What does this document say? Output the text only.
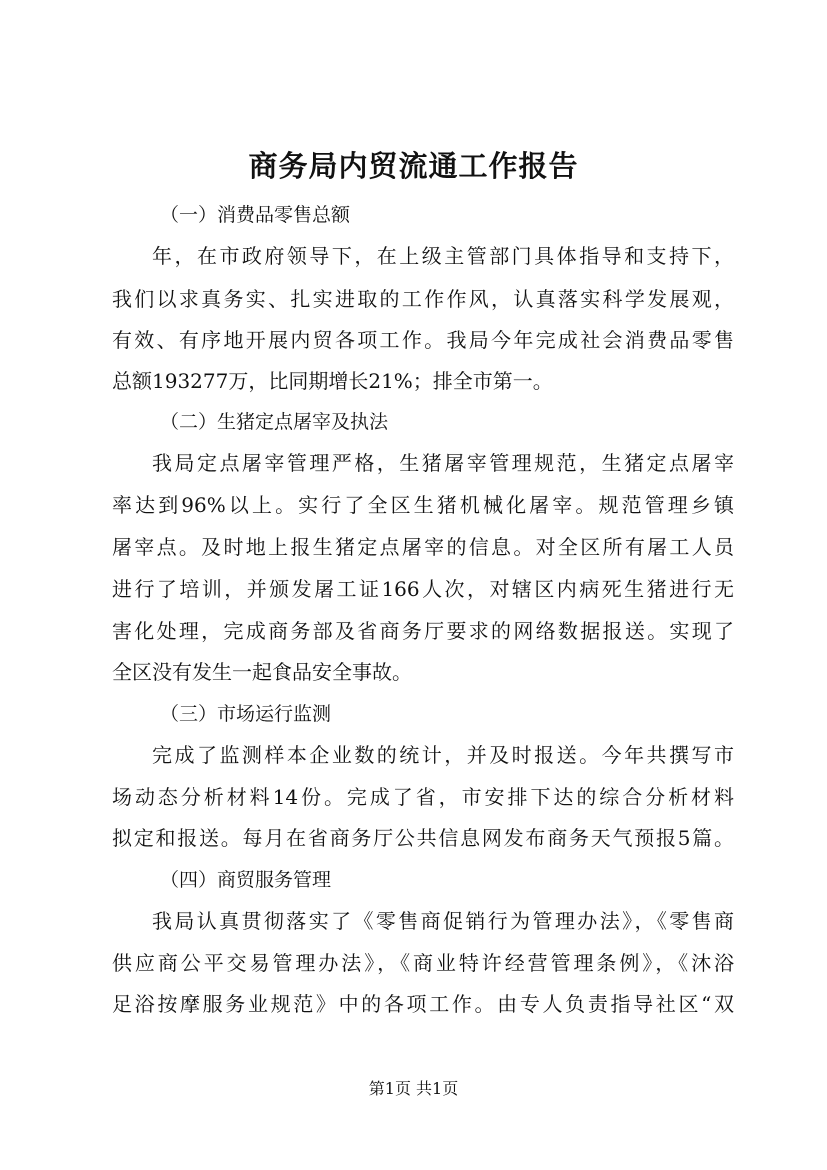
商务局内贸流通工作报告
（一）消费品零售总额
年，在市政府领导下，在上级主管部门具体指导和支持下，
我们以求真务实、扎实进取的工作作风，认真落实科学发展观，
有效、有序地开展内贸各项工作。我局今年完成社会消费品零售
总额193277万，比同期增长21%；排全市第一。
（二）生猪定点屠宰及执法
我局定点屠宰管理严格，生猪屠宰管理规范，生猪定点屠宰
率达到96%以上。实行了全区生猪机械化屠宰。规范管理乡镇
屠宰点。及时地上报生猪定点屠宰的信息。对全区所有屠工人员
进行了培训，并颁发屠工证166人次，对辖区内病死生猪进行无
害化处理，完成商务部及省商务厅要求的网络数据报送。实现了
全区没有发生一起食品安全事故。
（三）市场运行监测
完成了监测样本企业数的统计，并及时报送。今年共撰写市
场动态分析材料14份。完成了省，市安排下达的综合分析材料
拟定和报送。每月在省商务厅公共信息网发布商务天气预报5篇。
（四）商贸服务管理
我局认真贯彻落实了《零售商促销行为管理办法》，《零售商
供应商公平交易管理办法》，《商业特许经营管理条例》，《沐浴
足浴按摩服务业规范》中的各项工作。由专人负责指导社区“双
第1页 共1页
